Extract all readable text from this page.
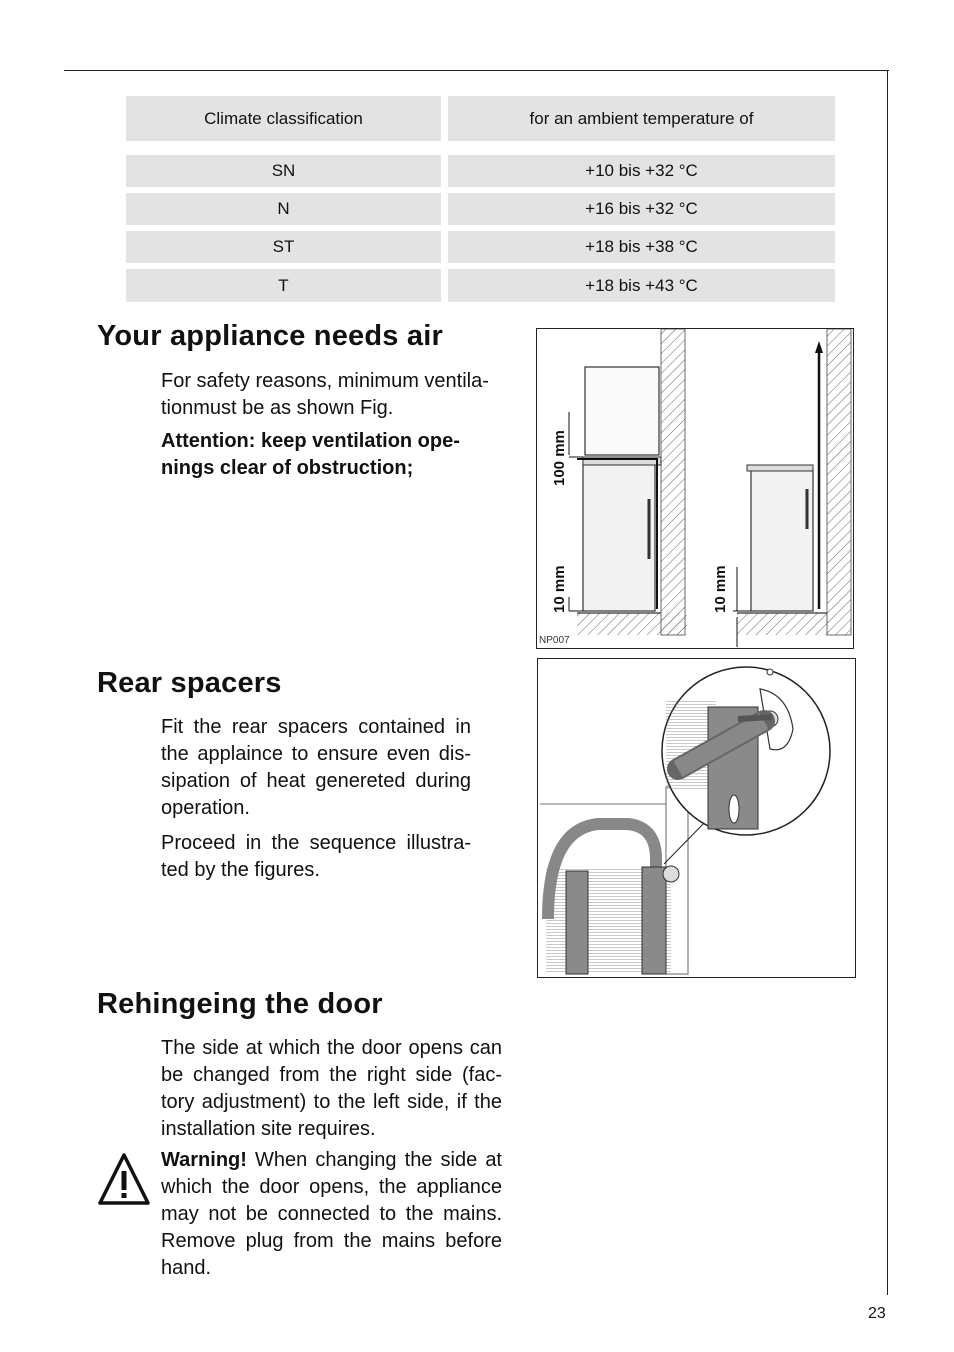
Climate classification	for an ambient temperature of
SN	+10 bis +32 °C
N	+16 bis +32 °C
ST	+18 bis +38 °C
T	+18 bis +43 °C
Your appliance needs air

For safety reasons, minimum ventila-
tionmust be as shown Fig.

Attention: keep ventilation ope-
nings clear of obstruction;	100 mm
10 mm	10 mm
NP007
Rear spacers

Fit the rear spacers contained in the applaince to ensure even dis- sipation of heat genereted during operation.

Proceed in the sequence illustra- ted by the figures.

Rehingeing the door

The side at which the door opens can be changed from the right side (fac- tory adjustment) to the left side, if the installation site requires.

Warning! When changing the side at which the door opens, the appliance may not be connected to the mains. Remove plug from the mains before hand.

23
